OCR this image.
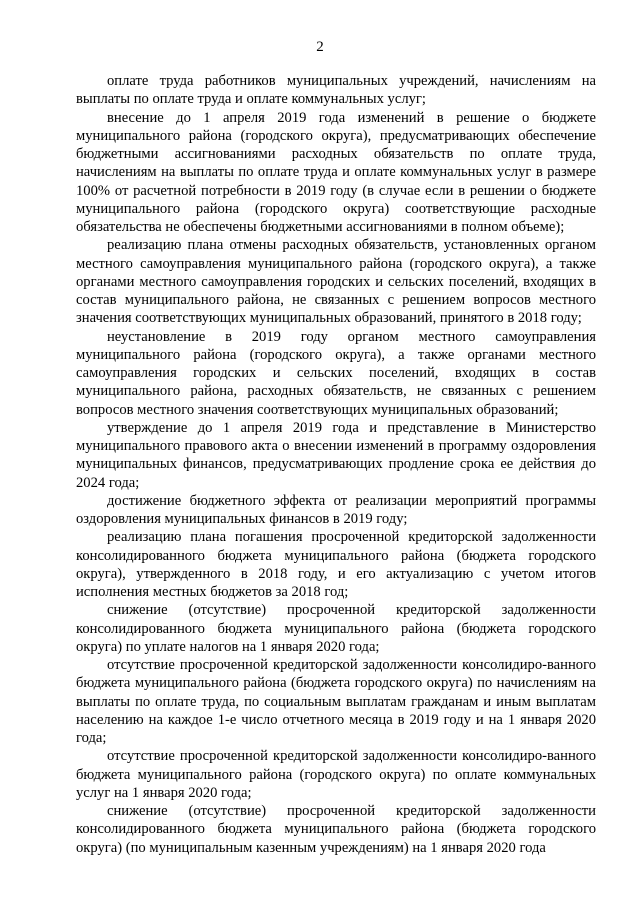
2

оплате труда работников муниципальных учреждений, начислениям на выплаты по оплате труда и оплате коммунальных услуг;

внесение до 1 апреля 2019 года изменений в решение о бюджете муниципального района (городского округа), предусматривающих обеспечение бюджетными ассигнованиями расходных обязательств по оплате труда, начислениям на выплаты по оплате труда и оплате коммунальных услуг в размере 100% от расчетной потребности в 2019 году (в случае если в решении о бюджете муниципального района (городского округа) соответствующие расходные обязательства не обеспечены бюджетными ассигнованиями в полном объеме);

реализацию плана отмены расходных обязательств, установленных органом местного самоуправления муниципального района (городского округа), а также органами местного самоуправления городских и сельских поселений, входящих в состав муниципального района, не связанных с решением вопросов местного значения соответствующих муниципальных образований, принятого в 2018 году;

неустановление в 2019 году органом местного самоуправления муниципального района (городского округа), а также органами местного самоуправления городских и сельских поселений, входящих в состав муниципального района, расходных обязательств, не связанных с решением вопросов местного значения соответствующих муниципальных образований;

утверждение до 1 апреля 2019 года и представление в Министерство муниципального правового акта о внесении изменений в программу оздоровления муниципальных финансов, предусматривающих продление срока ее действия до 2024 года;

достижение бюджетного эффекта от реализации мероприятий программы оздоровления муниципальных финансов в 2019 году;

реализацию плана погашения просроченной кредиторской задолженности консолидированного бюджета муниципального района (бюджета городского округа), утвержденного в 2018 году, и его актуализацию с учетом итогов исполнения местных бюджетов за 2018 год;

снижение (отсутствие) просроченной кредиторской задолженности консолидированного бюджета муниципального района (бюджета городского округа) по уплате налогов на 1 января 2020 года;

отсутствие просроченной кредиторской задолженности консолидиро-ванного бюджета муниципального района (бюджета городского округа) по начислениям на выплаты по оплате труда, по социальным выплатам гражданам и иным выплатам населению на каждое 1-е число отчетного месяца в 2019 году и на 1 января 2020 года;

отсутствие просроченной кредиторской задолженности консолидиро-ванного бюджета муниципального района (городского округа) по оплате коммунальных услуг на 1 января 2020 года;

снижение (отсутствие) просроченной кредиторской задолженности консолидированного бюджета муниципального района (бюджета городского округа) (по муниципальным казенным учреждениям) на 1 января 2020 года
